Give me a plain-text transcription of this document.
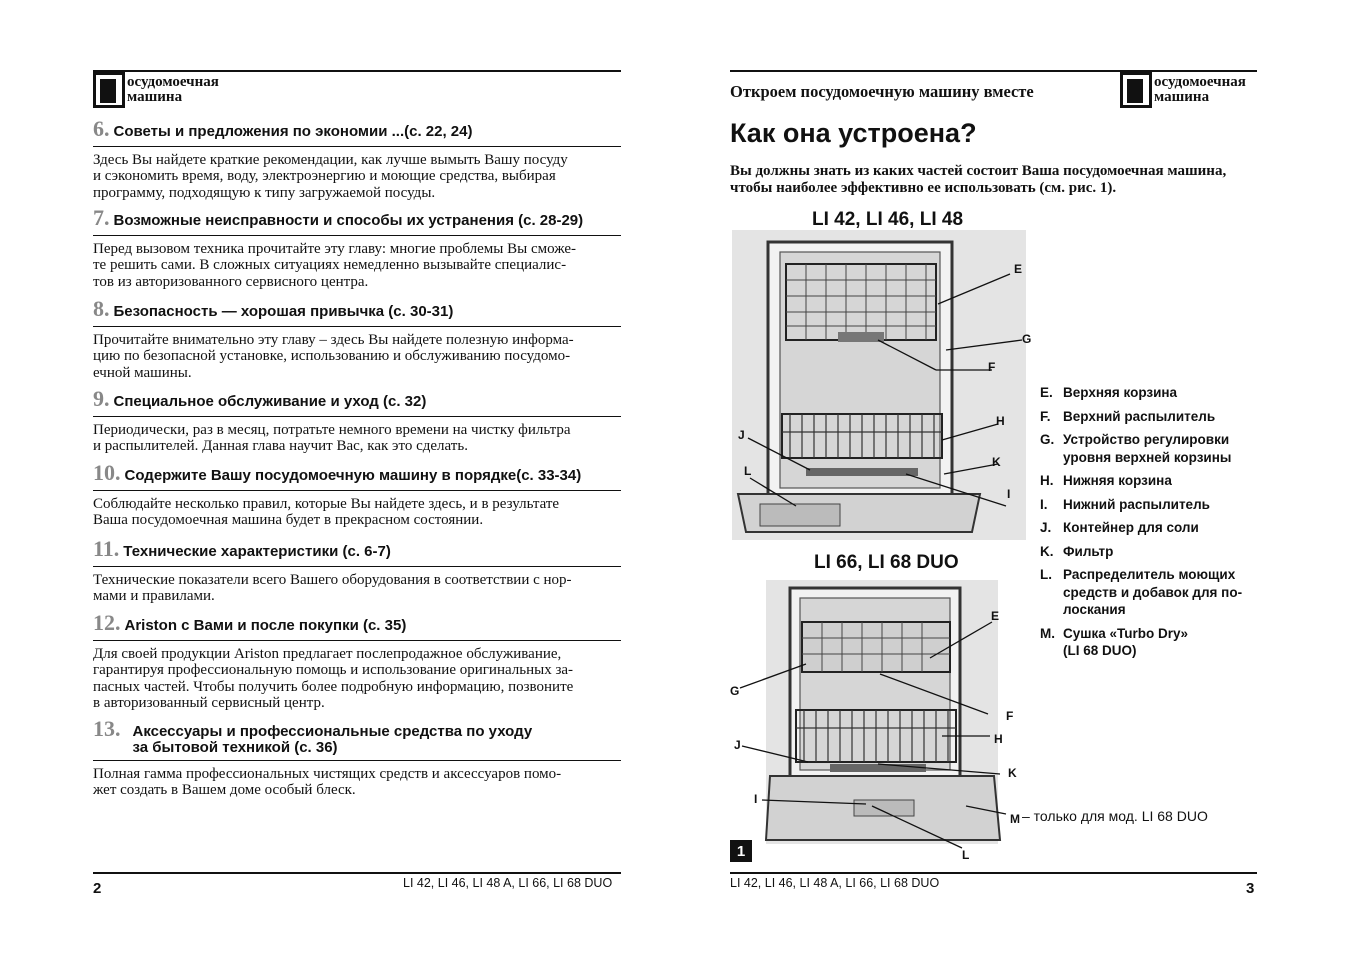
осудомоечная
машина
6. Советы и предложения по экономии ...(с. 22, 24)
Здесь Вы найдете краткие рекомендации, как лучше вымыть Вашу посуду
и сэкономить время, воду, электроэнергию и моющие средства, выбирая
программу, подходящую к типу загружаемой посуды.
7. Возможные неисправности и способы их устранения (с. 28-29)
Перед вызовом техника прочитайте эту главу: многие проблемы Вы сможе-
те решить сами. В сложных ситуациях немедленно вызывайте специалис-
тов из авторизованного сервисного центра.
8. Безопасность — хорошая привычка (с. 30-31)
Прочитайте внимательно эту главу – здесь Вы найдете полезную информа-
цию по безопасной установке, использованию и обслуживанию посудомо-
ечной машины.
9. Специальное обслуживание и уход (с. 32)
Периодически, раз в месяц, потратьте немного времени на чистку фильтра
и распылителей. Данная глава научит Вас, как это сделать.
10. Содержите Вашу посудомоечную машину в порядке(с. 33-34)
Соблюдайте несколько правил, которые Вы найдете здесь, и в результате
Ваша посудомоечная машина будет в прекрасном состоянии.
11. Технические характеристики (с. 6-7)
Технические показатели всего Вашего оборудования в соответствии с нор-
мами и правилами.
12. Ariston с Вами и после покупки (с. 35)
Для своей продукции Ariston предлагает послепродажное обслуживание,
гарантируя профессиональную помощь и использование оригинальных за-
пасных частей. Чтобы получить более подробную информацию, позвоните
в авторизованный сервисный центр.
13. Аксессуары и профессиональные средства по уходу
за бытовой техникой (с. 36)
Полная гамма профессиональных чистящих средств и аксессуаров помо-
жет создать в Вашем доме особый блеск.
2	LI 42, LI 46, LI 48 A, LI 66, LI 68 DUO
Откроем посудомоечную машину вместе	осудомоечная
машина
Как она устроена?
Вы должны знать из каких частей состоит Ваша посудомоечная машина,
чтобы наиболее эффективно ее использовать (см. рис. 1).
LI 42, LI 46, LI 48
E
G
F
H
J
K
L
I
LI 66, LI 68 DUO
E
G
F
H
J
K
I
M – только для мод. LI 68 DUO
L
1
E. Верхняя корзина
F. Верхний распылитель
G. Устройство регулировки
уровня верхней корзины
H. Нижняя корзина
I.	Нижний распылитель
J. Контейнер для соли
K. Фильтр
L. Распределитель моющих
средств и добавок для по-
лоскания
M. Сушка «Turbo Dry»
(LI 68 DUO)
LI 42, LI 46, LI 48 A, LI 66, LI 68 DUO	3
